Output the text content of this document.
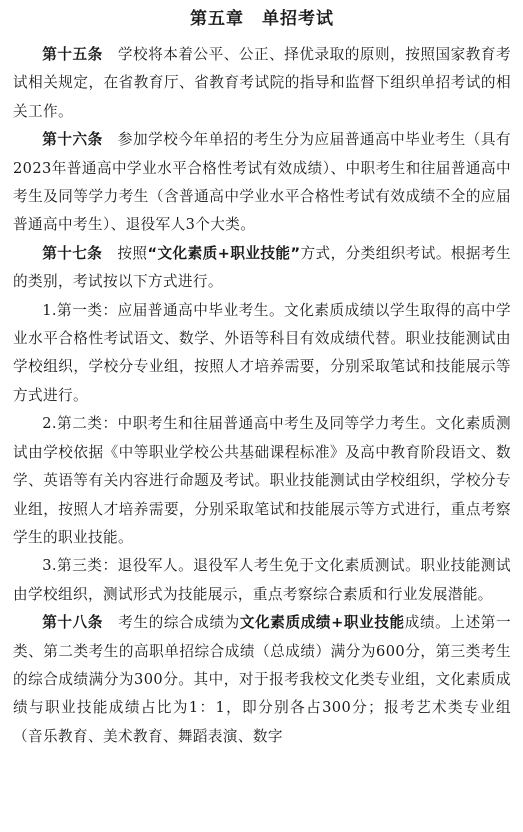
第五章　单招考试

第十五条　 学校将本着公平、公正、择优录取的原则，按照国家教育考试相关规定，在省教育厅、省教育考试院的指导和监督下组织单招考试的相关工作。

第十六条　 参加学校今年单招的考生分为应届普通高中毕业考生（具有2023年普通高中学业水平合格性考试有效成绩）、中职考生和往届普通高中考生及同等学力考生（含普通高中学业水平合格性考试有效成绩不全的应届普通高中考生）、退役军人3个大类。

第十七条　 按照“文化素质+职业技能”方式，分类组织考试。根据考生的类别，考试按以下方式进行。

1.第一类：应届普通高中毕业考生。文化素质成绩以学生取得的高中学业水平合格性考试语文、数学、外语等科目有效成绩代替。职业技能测试由学校组织，学校分专业组，按照人才培养需要，分别采取笔试和技能展示等方式进行。

2.第二类：中职考生和往届普通高中考生及同等学力考生。文化素质测试由学校依据《中等职业学校公共基础课程标准》及高中教育阶段语文、数学、英语等有关内容进行命题及考试。职业技能测试由学校组织，学校分专业组，按照人才培养需要，分别采取笔试和技能展示等方式进行，重点考察学生的职业技能。

3.第三类：退役军人。退役军人考生免于文化素质测试。职业技能测试由学校组织，测试形式为技能展示，重点考察综合素质和行业发展潜能。

第十八条　 考生的综合成绩为文化素质成绩+职业技能成绩。上述第一类、第二类考生的高职单招综合成绩（总成绩）满分为600分，第三类考生的综合成绩满分为300分。其中，对于报考我校文化类专业组，文化素质成绩与职业技能成绩占比为1：1，即分别各占300分；报考艺术类专业组（音乐教育、美术教育、舞蹈表演、数字
